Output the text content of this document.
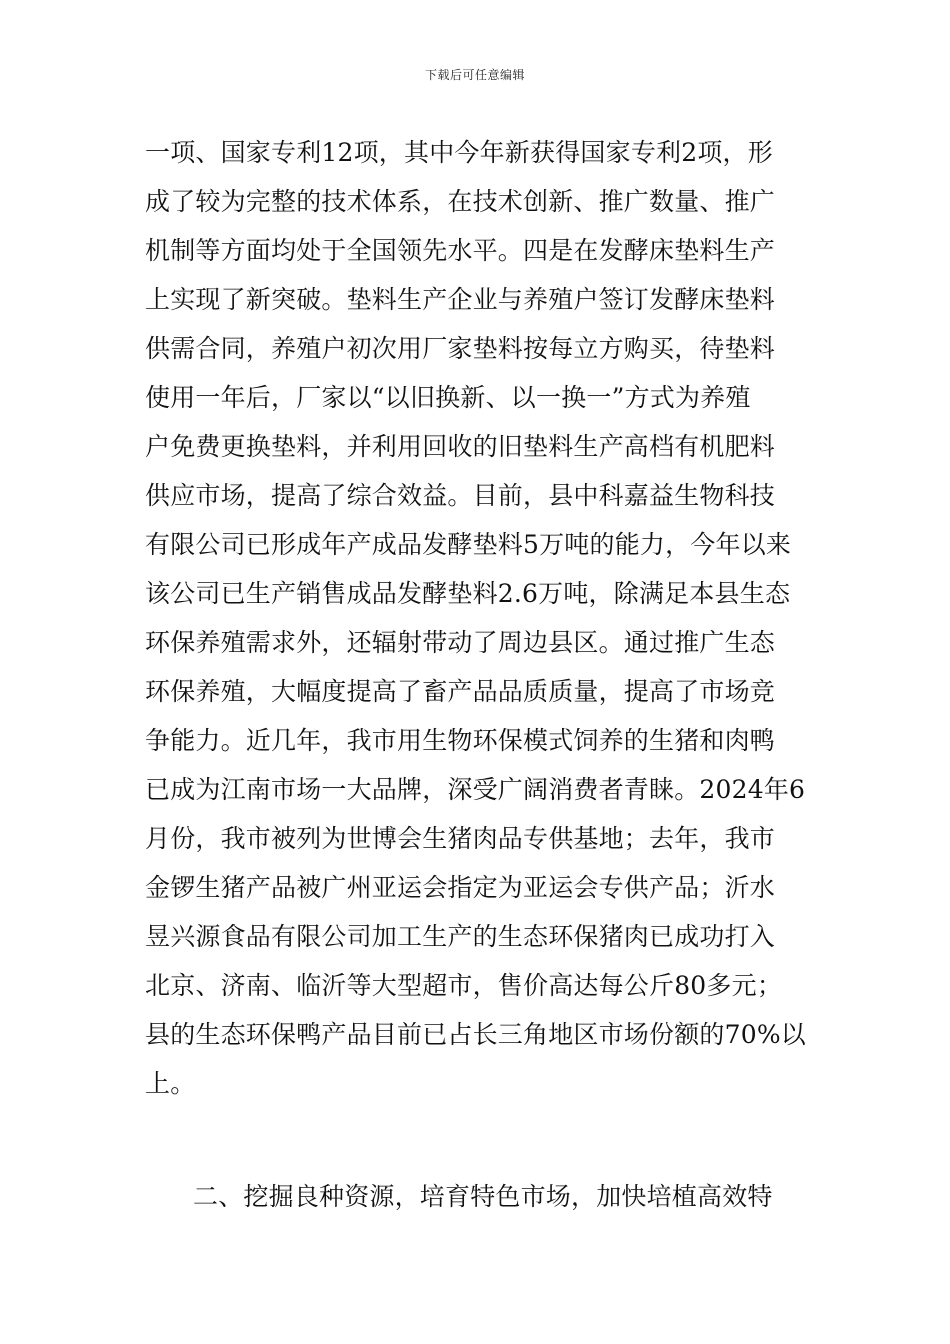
下载后可任意编辑
一项、国家专利12项，其中今年新获得国家专利2项，形
成了较为完整的技术体系，在技术创新、推广数量、推广
机制等方面均处于全国领先水平。四是在发酵床垫料生产
上实现了新突破。垫料生产企业与养殖户签订发酵床垫料
供需合同，养殖户初次用厂家垫料按每立方购买，待垫料
使用一年后，厂家以“以旧换新、以一换一”方式为养殖
户免费更换垫料，并利用回收的旧垫料生产高档有机肥料
供应市场，提高了综合效益。目前，县中科嘉益生物科技
有限公司已形成年产成品发酵垫料5万吨的能力，今年以来
该公司已生产销售成品发酵垫料2.6万吨，除满足本县生态
环保养殖需求外，还辐射带动了周边县区。通过推广生态
环保养殖，大幅度提高了畜产品品质质量，提高了市场竞
争能力。近几年，我市用生物环保模式饲养的生猪和肉鸭
已成为江南市场一大品牌，深受广阔消费者青睐。2024年6
月份，我市被列为世博会生猪肉品专供基地；去年，我市
金锣生猪产品被广州亚运会指定为亚运会专供产品；沂水
昱兴源食品有限公司加工生产的生态环保猪肉已成功打入
北京、济南、临沂等大型超市，售价高达每公斤80多元；
县的生态环保鸭产品目前已占长三角地区市场份额的70%以
上。
二、挖掘良种资源，培育特色市场，加快培植高效特
